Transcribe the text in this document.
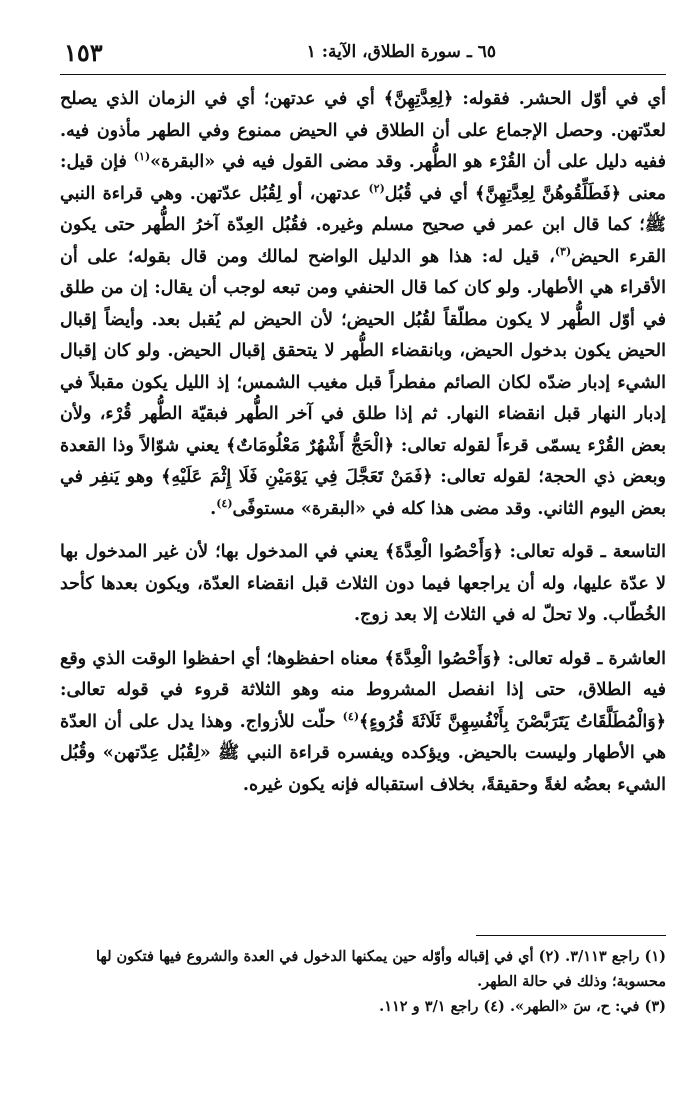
٦٥ ـ سورة الطلاق، الآية: ١
١٥٣

أي في أوّل الحشر. فقوله: ﴿لِعِدَّتِهِنَّ﴾ أي في عدتهن؛ أي في الزمان الذي يصلح لعدّتهن. وحصل الإجماع على أن الطلاق في الحيض ممنوع وفي الطهر مأذون فيه. ففيه دليل على أن القُرْء هو الطُّهر. وقد مضى القول فيه في «البقرة»$^{(١)}$ فإن قيل: معنى ﴿فَطَلِّقُوهُنَّ لِعِدَّتِهِنَّ﴾ أي في قُبُل$^{(٢)}$ عدتهن، أو لِقُبُل عدّتهن. وهي قراءة النبي ﷺ؛ كما قال ابن عمر في صحيح مسلم وغيره. فقُبُل العِدّة آخرُ الطُّهر حتى يكون القرء الحيض$^{(٣)}$، قيل له: هذا هو الدليل الواضح لمالك ومن قال بقوله؛ على أن الأقراء هي الأطهار. ولو كان كما قال الحنفي ومن تبعه لوجب أن يقال: إن من طلق في أوّل الطُّهر لا يكون مطلّقاً لقُبُل الحيض؛ لأن الحيض لم يُقبل بعد. وأيضاً إقبال الحيض يكون بدخول الحيض، وبانقضاء الطُّهر لا يتحقق إقبال الحيض. ولو كان إقبال الشيء إدبار ضدّه لكان الصائم مفطراً قبل مغيب الشمس؛ إذ الليل يكون مقبلاً في إدبار النهار قبل انقضاء النهار. ثم إذا طلق في آخر الطُّهر فبقيّة الطُّهر قُرْء، ولأن بعض القُرْء يسمّى قرءاً لقوله تعالى: ﴿الْحَجُّ أَشْهُرٌ مَعْلُومَاتٌ﴾ يعني شوّالاً وذا القعدة وبعض ذي الحجة؛ لقوله تعالى: ﴿فَمَنْ تَعَجَّلَ فِي يَوْمَيْنِ فَلَا إِثْمَ عَلَيْهِ﴾ وهو يَنفِر في بعض اليوم الثاني. وقد مضى هذا كله في «البقرة» مستوفًى$^{(٤)}$.

التاسعة ـ قوله تعالى: ﴿وَأَحْصُوا الْعِدَّةَ﴾ يعني في المدخول بها؛ لأن غير المدخول بها لا عدّة عليها، وله أن يراجعها فيما دون الثلاث قبل انقضاء العدّة، ويكون بعدها كأحد الخُطّاب. ولا تحلّ له في الثلاث إلا بعد زوج.

العاشرة ـ قوله تعالى: ﴿وَأَحْصُوا الْعِدَّةَ﴾ معناه احفظوها؛ أي احفظوا الوقت الذي وقع فيه الطلاق، حتى إذا انفصل المشروط منه وهو الثلاثة قروء في قوله تعالى: ﴿وَالْمُطَلَّقَاتُ يَتَرَبَّصْنَ بِأَنْفُسِهِنَّ ثَلَاثَةَ قُرُوءٍ﴾$^{(٤)}$ حلّت للأزواج. وهذا يدل على أن العدّة هي الأطهار وليست بالحيض. ويؤكده ويفسره قراءة النبي ﷺ «لِقُبُل عِدّتهن» وقُبُل الشيء بعضُه لغةً وحقيقةً، بخلاف استقباله فإنه يكون غيره.

(١) راجع ٣/١١٣. (٢) أي في إقباله وأوّله حين يمكنها الدخول في العدة والشروع فيها فتكون لها محسوبة؛ وذلك في حالة الطهر.

(٣) في: ح، سَ «الطهر». (٤) راجع ٣/١ و ١١٢.
